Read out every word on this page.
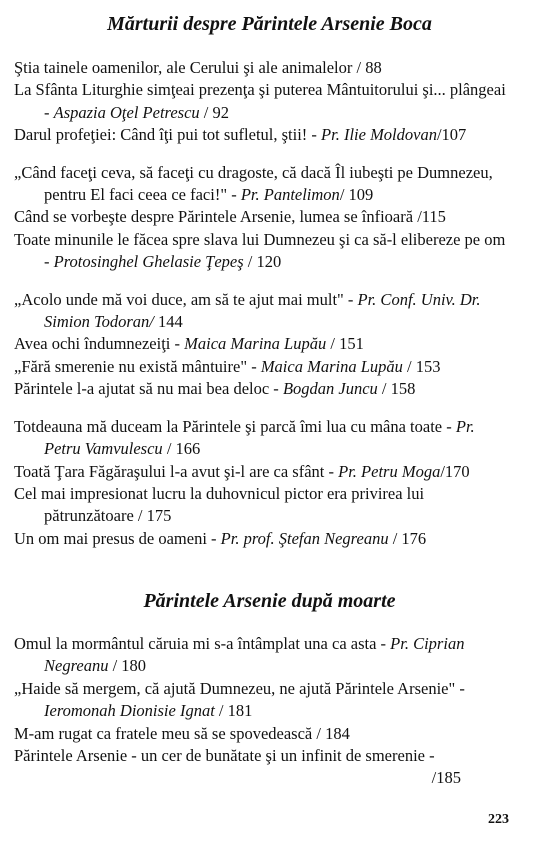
Mărturii despre Părintele Arsenie Boca

Ştia tainele oamenilor, ale Cerului şi ale animalelor / 88

La Sfânta Liturghie simţeai prezenţa şi puterea Mântuitorului şi... plângeai - Aspazia Oţel Petrescu / 92

Darul profeţiei: Când îţi pui tot sufletul, ştii! - Pr. Ilie Moldovan/107

„Când faceţi ceva, să faceţi cu dragoste, că dacă Îl iubeşti pe Dumnezeu, pentru El faci ceea ce faci!" - Pr. Pantelimon/ 109

Când se vorbeşte despre Părintele Arsenie, lumea se înfioară /115

Toate minunile le făcea spre slava lui Dumnezeu şi ca să-l elibereze pe om - Protosinghel Ghelasie Ţepeş / 120

„Acolo unde mă voi duce, am să te ajut mai mult" - Pr. Conf. Univ. Dr. Simion Todoran/ 144

Avea ochi îndumnezeiţi - Maica Marina Lupău / 151

„Fără smerenie nu există mântuire" - Maica Marina Lupău / 153

Părintele l-a ajutat să nu mai bea deloc - Bogdan Juncu / 158

Totdeauna mă duceam la Părintele şi parcă îmi lua cu mâna toate - Pr. Petru Vamvulescu / 166

Toată Ţara Făgăraşului l-a avut şi-l are ca sfânt - Pr. Petru Moga/170

Cel mai impresionat lucru la duhovnicul pictor era privirea lui pătrunzătoare / 175

Un om mai presus de oameni - Pr. prof. Ştefan Negreanu / 176

Părintele Arsenie după moarte

Omul la mormântul căruia mi s-a întâmplat una ca asta - Pr. Ciprian Negreanu / 180

„Haide să mergem, că ajută Dumnezeu, ne ajută Părintele Arsenie" - Ieromonah Dionisie Ignat / 181

M-am rugat ca fratele meu să se spovedească / 184

Părintele Arsenie - un cer de bunătate şi un infinit de smerenie -
/185

223
